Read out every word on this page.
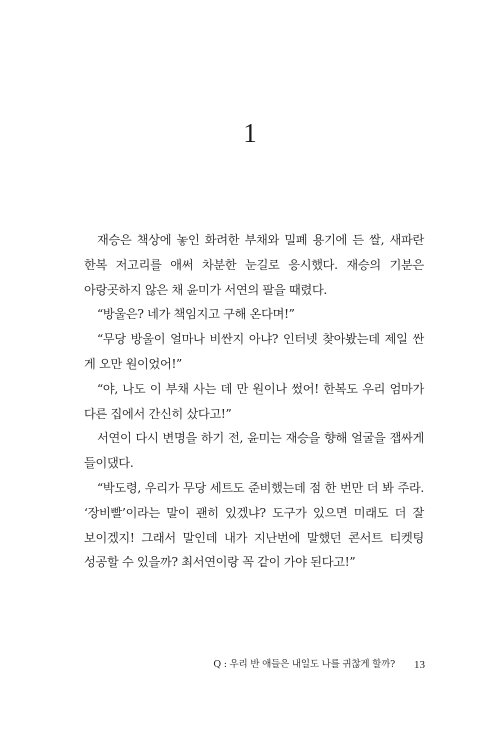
1

재승은 책상에 놓인 화려한 부채와 밀폐 용기에 든 쌀, 새파란 한복 저고리를 애써 차분한 눈길로 응시했다. 재승의 기분은 아랑곳하지 않은 채 윤미가 서연의 팔을 때렸다.

“방울은? 네가 책임지고 구해 온다며!”

“무당 방울이 얼마나 비싼지 아냐? 인터넷 찾아봤는데 제일 싼 게 오만 원이었어!”

“야, 나도 이 부채 사는 데 만 원이나 썼어! 한복도 우리 엄마가 다른 집에서 간신히 샀다고!”

서연이 다시 변명을 하기 전, 윤미는 재승을 향해 얼굴을 잽싸게 들이댔다.

“박도령, 우리가 무당 세트도 준비했는데 점 한 번만 더 봐 주라. ‘장비빨’이라는 말이 괜히 있겠냐? 도구가 있으면 미래도 더 잘 보이겠지! 그래서 말인데 내가 지난번에 말했던 콘서트 티켓팅 성공할 수 있을까? 최서연이랑 꼭 같이 가야 된다고!”

Q : 우리 반 애들은 내일도 나를 귀찮게 할까? 13
